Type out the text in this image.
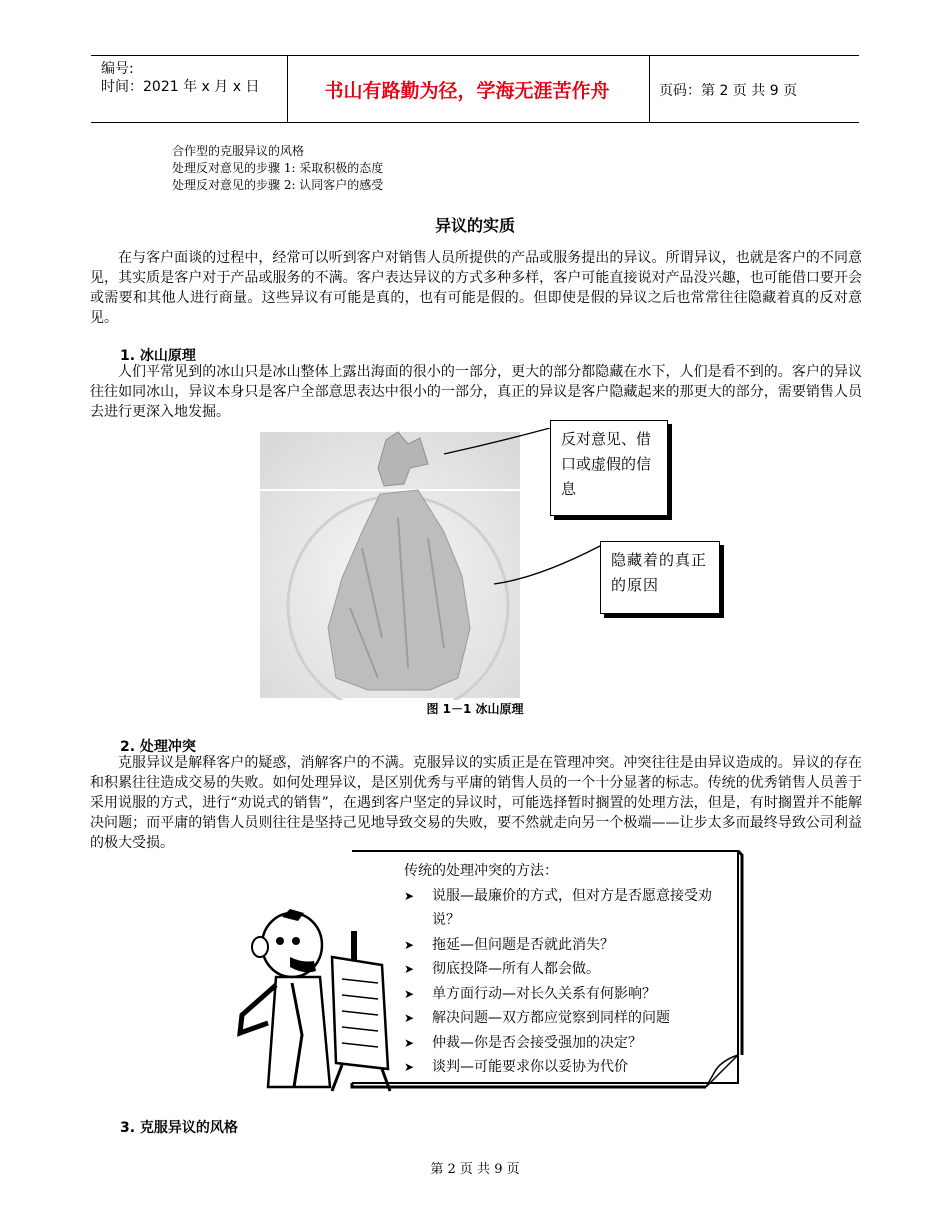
编号:
时间：2021 年 x 月 x 日	书山有路勤为径，学海无涯苦作舟	页码：第 2 页 共 9 页
合作型的克服异议的风格
处理反对意见的步骤 1: 采取积极的态度
处理反对意见的步骤 2: 认同客户的感受
异议的实质
在与客户面谈的过程中，经常可以听到客户对销售人员所提供的产品或服务提出的异议。所谓异议，也就是客户的不同意见，其实质是客户对于产品或服务的不满。客户表达异议的方式多种多样，客户可能直接说对产品没兴趣，也可能借口要开会或需要和其他人进行商量。这些异议有可能是真的，也有可能是假的。但即使是假的异议之后也常常往往隐藏着真的反对意见。
1. 冰山原理
人们平常见到的冰山只是冰山整体上露出海面的很小的一部分，更大的部分都隐藏在水下，人们是看不到的。客户的异议往往如同冰山，异议本身只是客户全部意思表达中很小的一部分，真正的异议是客户隐藏起来的那更大的部分，需要销售人员去进行更深入地发掘。
反对意见、借口或虚假的信息
隐藏着的真正的原因
图 1－1 冰山原理
2. 处理冲突
克服异议是解释客户的疑惑，消解客户的不满。克服异议的实质正是在管理冲突。冲突往往是由异议造成的。异议的存在和积累往往造成交易的失败。如何处理异议，是区别优秀与平庸的销售人员的一个十分显著的标志。传统的优秀销售人员善于采用说服的方式，进行“劝说式的销售”，在遇到客户坚定的异议时，可能选择暂时搁置的处理方法，但是，有时搁置并不能解决问题；而平庸的销售人员则往往是坚持己见地导致交易的失败，要不然就走向另一个极端——让步太多而最终导致公司利益的极大受损。
传统的处理冲突的方法：
➤	说服—最廉价的方式，但对方是否愿意接受劝说？
➤	拖延—但问题是否就此消失？
➤	彻底投降—所有人都会做。
➤	单方面行动—对长久关系有何影响？
➤	解决问题—双方都应觉察到同样的问题
➤	仲裁—你是否会接受强加的决定？
➤	谈判—可能要求你以妥协为代价
3. 克服异议的风格
第 2 页 共 9 页
